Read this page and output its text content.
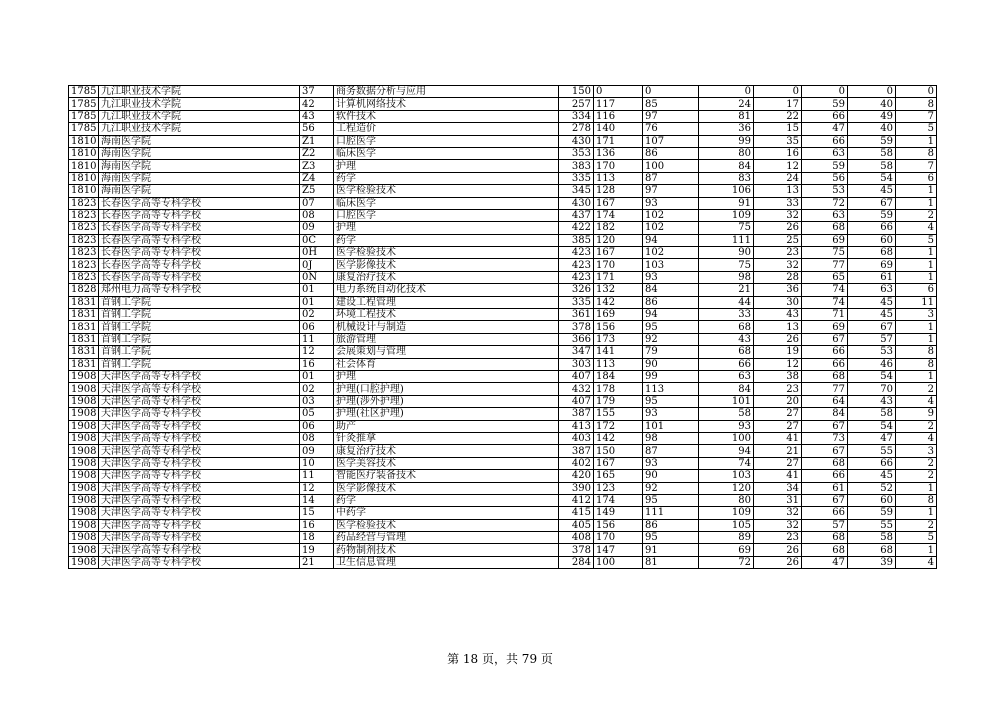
1785	九江职业技术学院	37	商务数据分析与应用	150	0	0	0	0	0	0	0
1785	九江职业技术学院	42	计算机网络技术	257	117	85	24	17	59	40	8
1785	九江职业技术学院	43	软件技术	334	116	97	81	22	66	49	7
1785	九江职业技术学院	56	工程造价	278	140	76	36	15	47	40	5
1810	海南医学院	Z1	口腔医学	430	171	107	99	35	66	59	1
1810	海南医学院	Z2	临床医学	353	136	86	80	16	63	58	8
1810	海南医学院	Z3	护理	383	170	100	84	12	59	58	7
1810	海南医学院	Z4	药学	335	113	87	83	24	56	54	6
1810	海南医学院	Z5	医学检验技术	345	128	97	106	13	53	45	1
1823	长春医学高等专科学校	07	临床医学	430	167	93	91	33	72	67	1
1823	长春医学高等专科学校	08	口腔医学	437	174	102	109	32	63	59	2
1823	长春医学高等专科学校	09	护理	422	182	102	75	26	68	66	4
1823	长春医学高等专科学校	0C	药学	385	120	94	111	25	69	60	5
1823	长春医学高等专科学校	0H	医学检验技术	423	167	102	90	23	75	68	1
1823	长春医学高等专科学校	0J	医学影像技术	423	170	103	75	32	77	69	1
1823	长春医学高等专科学校	0N	康复治疗技术	423	171	93	98	28	65	61	1
1828	郑州电力高等专科学校	01	电力系统自动化技术	326	132	84	21	36	74	63	6
1831	首钢工学院	01	建设工程管理	335	142	86	44	30	74	45	11
1831	首钢工学院	02	环境工程技术	361	169	94	33	43	71	45	3
1831	首钢工学院	06	机械设计与制造	378	156	95	68	13	69	67	1
1831	首钢工学院	11	旅游管理	366	173	92	43	26	67	57	1
1831	首钢工学院	12	会展策划与管理	347	141	79	68	19	66	53	8
1831	首钢工学院	16	社会体育	303	113	90	66	12	66	46	8
1908	天津医学高等专科学校	01	护理	407	184	99	63	38	68	54	1
1908	天津医学高等专科学校	02	护理(口腔护理)	432	178	113	84	23	77	70	2
1908	天津医学高等专科学校	03	护理(涉外护理)	407	179	95	101	20	64	43	4
1908	天津医学高等专科学校	05	护理(社区护理)	387	155	93	58	27	84	58	9
1908	天津医学高等专科学校	06	助产	413	172	101	93	27	67	54	2
1908	天津医学高等专科学校	08	针灸推拿	403	142	98	100	41	73	47	4
1908	天津医学高等专科学校	09	康复治疗技术	387	150	87	94	21	67	55	3
1908	天津医学高等专科学校	10	医学美容技术	402	167	93	74	27	68	66	2
1908	天津医学高等专科学校	11	智能医疗装备技术	420	165	90	103	41	66	45	2
1908	天津医学高等专科学校	12	医学影像技术	390	123	92	120	34	61	52	1
1908	天津医学高等专科学校	14	药学	412	174	95	80	31	67	60	8
1908	天津医学高等专科学校	15	中药学	415	149	111	109	32	66	59	1
1908	天津医学高等专科学校	16	医学检验技术	405	156	86	105	32	57	55	2
1908	天津医学高等专科学校	18	药品经营与管理	408	170	95	89	23	68	58	5
1908	天津医学高等专科学校	19	药物制剂技术	378	147	91	69	26	68	68	1
1908	天津医学高等专科学校	21	卫生信息管理	284	100	81	72	26	47	39	4
第 18 页，共 79 页
